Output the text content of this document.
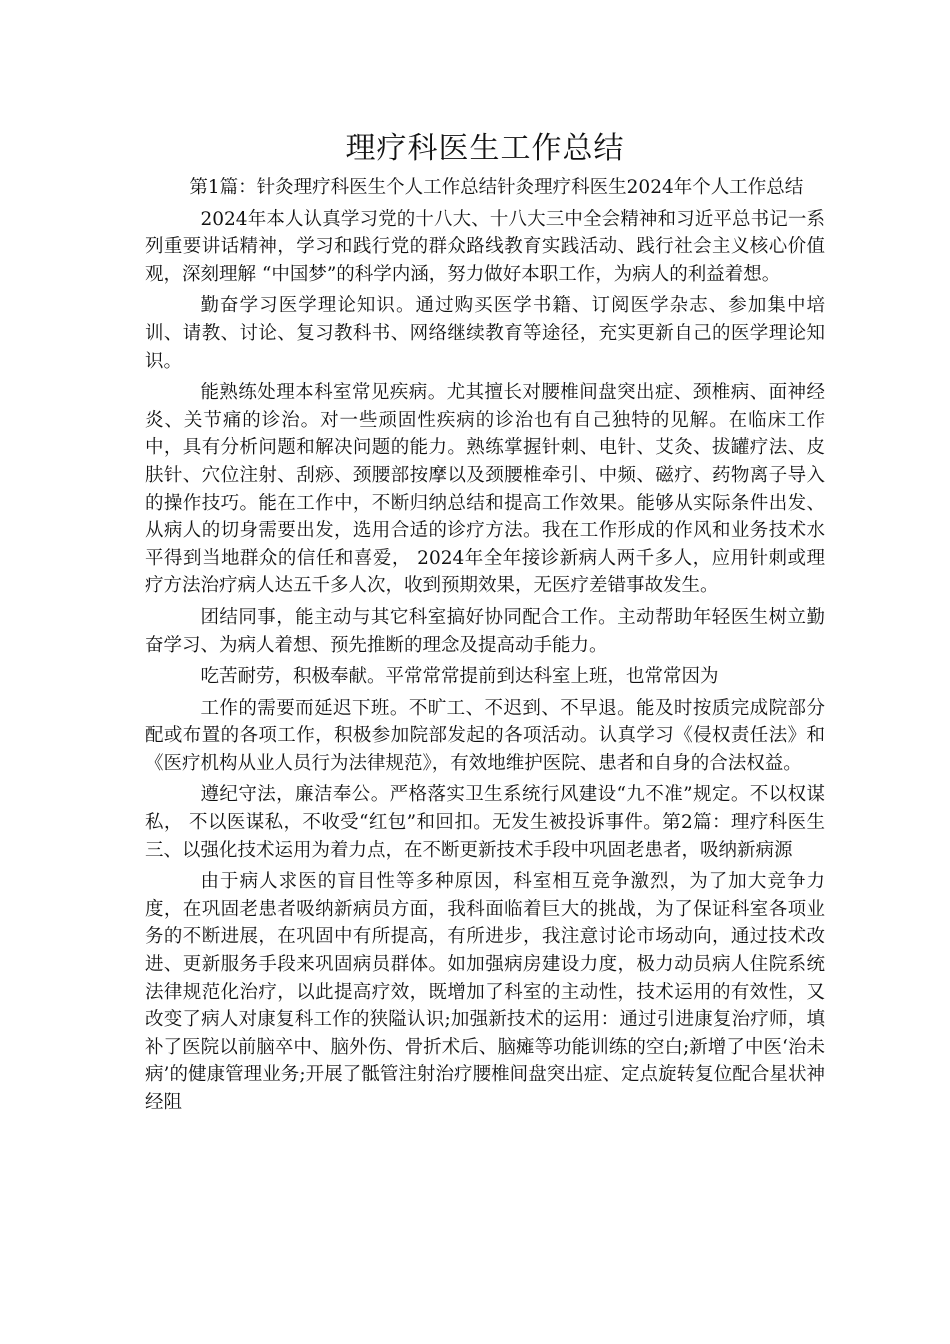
理疗科医生工作总结

第1篇：针灸理疗科医生个人工作总结针灸理疗科医生2024年个人工作总结

2024年本人认真学习党的十八大、十八大三中全会精神和习近平总书记一系列重要讲话精神，学习和践行党的群众路线教育实践活动、践行社会主义核心价值观，深刻理解 “中国梦”的科学内涵，努力做好本职工作，为病人的利益着想。

勤奋学习医学理论知识。通过购买医学书籍、订阅医学杂志、参加集中培训、请教、讨论、复习教科书、网络继续教育等途径，充实更新自己的医学理论知识。

能熟练处理本科室常见疾病。尤其擅长对腰椎间盘突出症、颈椎病、面神经炎、关节痛的诊治。对一些顽固性疾病的诊治也有自己独特的见解。在临床工作中，具有分析问题和解决问题的能力。熟练掌握针刺、电针、艾灸、拔罐疗法、皮肤针、穴位注射、刮痧、颈腰部按摩以及颈腰椎牵引、中频、磁疗、药物离子导入的操作技巧。能在工作中，不断归纳总结和提高工作效果。能够从实际条件出发、从病人的切身需要出发，选用合适的诊疗方法。我在工作形成的作风和业务技术水平得到当地群众的信任和喜爱， 2024年全年接诊新病人两千多人，应用针刺或理疗方法治疗病人达五千多人次，收到预期效果，无医疗差错事故发生。

团结同事，能主动与其它科室搞好协同配合工作。主动帮助年轻医生树立勤奋学习、为病人着想、预先推断的理念及提高动手能力。

吃苦耐劳，积极奉献。平常常常提前到达科室上班，也常常因为

工作的需要而延迟下班。不旷工、不迟到、不早退。能及时按质完成院部分配或布置的各项工作，积极参加院部发起的各项活动。认真学习《侵权责任法》和《医疗机构从业人员行为法律规范》，有效地维护医院、患者和自身的合法权益。

遵纪守法，廉洁奉公。严格落实卫生系统行风建设“九不准”规定。不以权谋私， 不以医谋私，不收受“红包”和回扣。无发生被投诉事件。第2篇：理疗科医生三、以强化技术运用为着力点，在不断更新技术手段中巩固老患者，吸纳新病源

由于病人求医的盲目性等多种原因，科室相互竞争激烈，为了加大竞争力度，在巩固老患者吸纳新病员方面，我科面临着巨大的挑战，为了保证科室各项业务的不断进展，在巩固中有所提高，有所进步，我注意讨论市场动向，通过技术改进、更新服务手段来巩固病员群体。如加强病房建设力度，极力动员病人住院系统法律规范化治疗，以此提高疗效，既增加了科室的主动性，技术运用的有效性，又改变了病人对康复科工作的狭隘认识;加强新技术的运用：通过引进康复治疗师，填补了医院以前脑卒中、脑外伤、骨折术后、脑瘫等功能训练的空白;新增了中医‘治未病’的健康管理业务;开展了骶管注射治疗腰椎间盘突出症、定点旋转复位配合星状神经阻
